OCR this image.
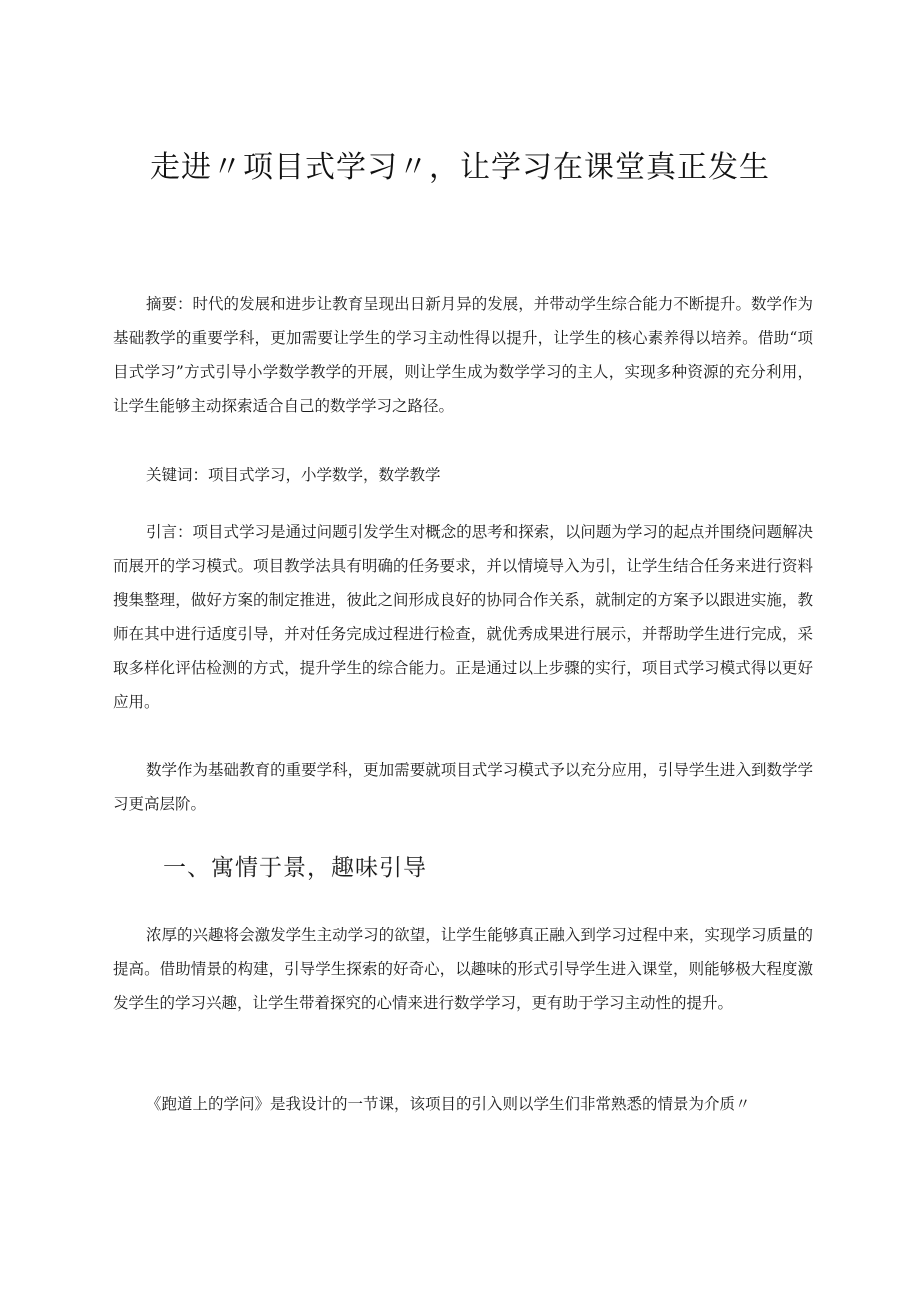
走进〃项目式学习〃，让学习在课堂真正发生

摘要：时代的发展和进步让教育呈现出日新月异的发展，并带动学生综合能力不断提升。数学作为基础教学的重要学科，更加需要让学生的学习主动性得以提升，让学生的核心素养得以培养。借助“项目式学习”方式引导小学数学教学的开展，则让学生成为数学学习的主人，实现多种资源的充分利用，让学生能够主动探索适合自己的数学学习之路径。

关键词：项目式学习，小学数学，数学教学

引言：项目式学习是通过问题引发学生对概念的思考和探索，以问题为学习的起点并围绕问题解决而展开的学习模式。项目教学法具有明确的任务要求，并以情境导入为引，让学生结合任务来进行资料搜集整理，做好方案的制定推进，彼此之间形成良好的协同合作关系，就制定的方案予以跟进实施，教师在其中进行适度引导，并对任务完成过程进行检查，就优秀成果进行展示，并帮助学生进行完成，采取多样化评估检测的方式，提升学生的综合能力。正是通过以上步骤的实行，项目式学习模式得以更好应用。

数学作为基础教育的重要学科，更加需要就项目式学习模式予以充分应用，引导学生进入到数学学习更高层阶。

一、寓情于景，趣味引导

浓厚的兴趣将会激发学生主动学习的欲望，让学生能够真正融入到学习过程中来，实现学习质量的提高。借助情景的构建，引导学生探索的好奇心，以趣味的形式引导学生进入课堂，则能够极大程度激发学生的学习兴趣，让学生带着探究的心情来进行数学学习，更有助于学习主动性的提升。

《跑道上的学问》是我设计的一节课，该项目的引入则以学生们非常熟悉的情景为介质〃
